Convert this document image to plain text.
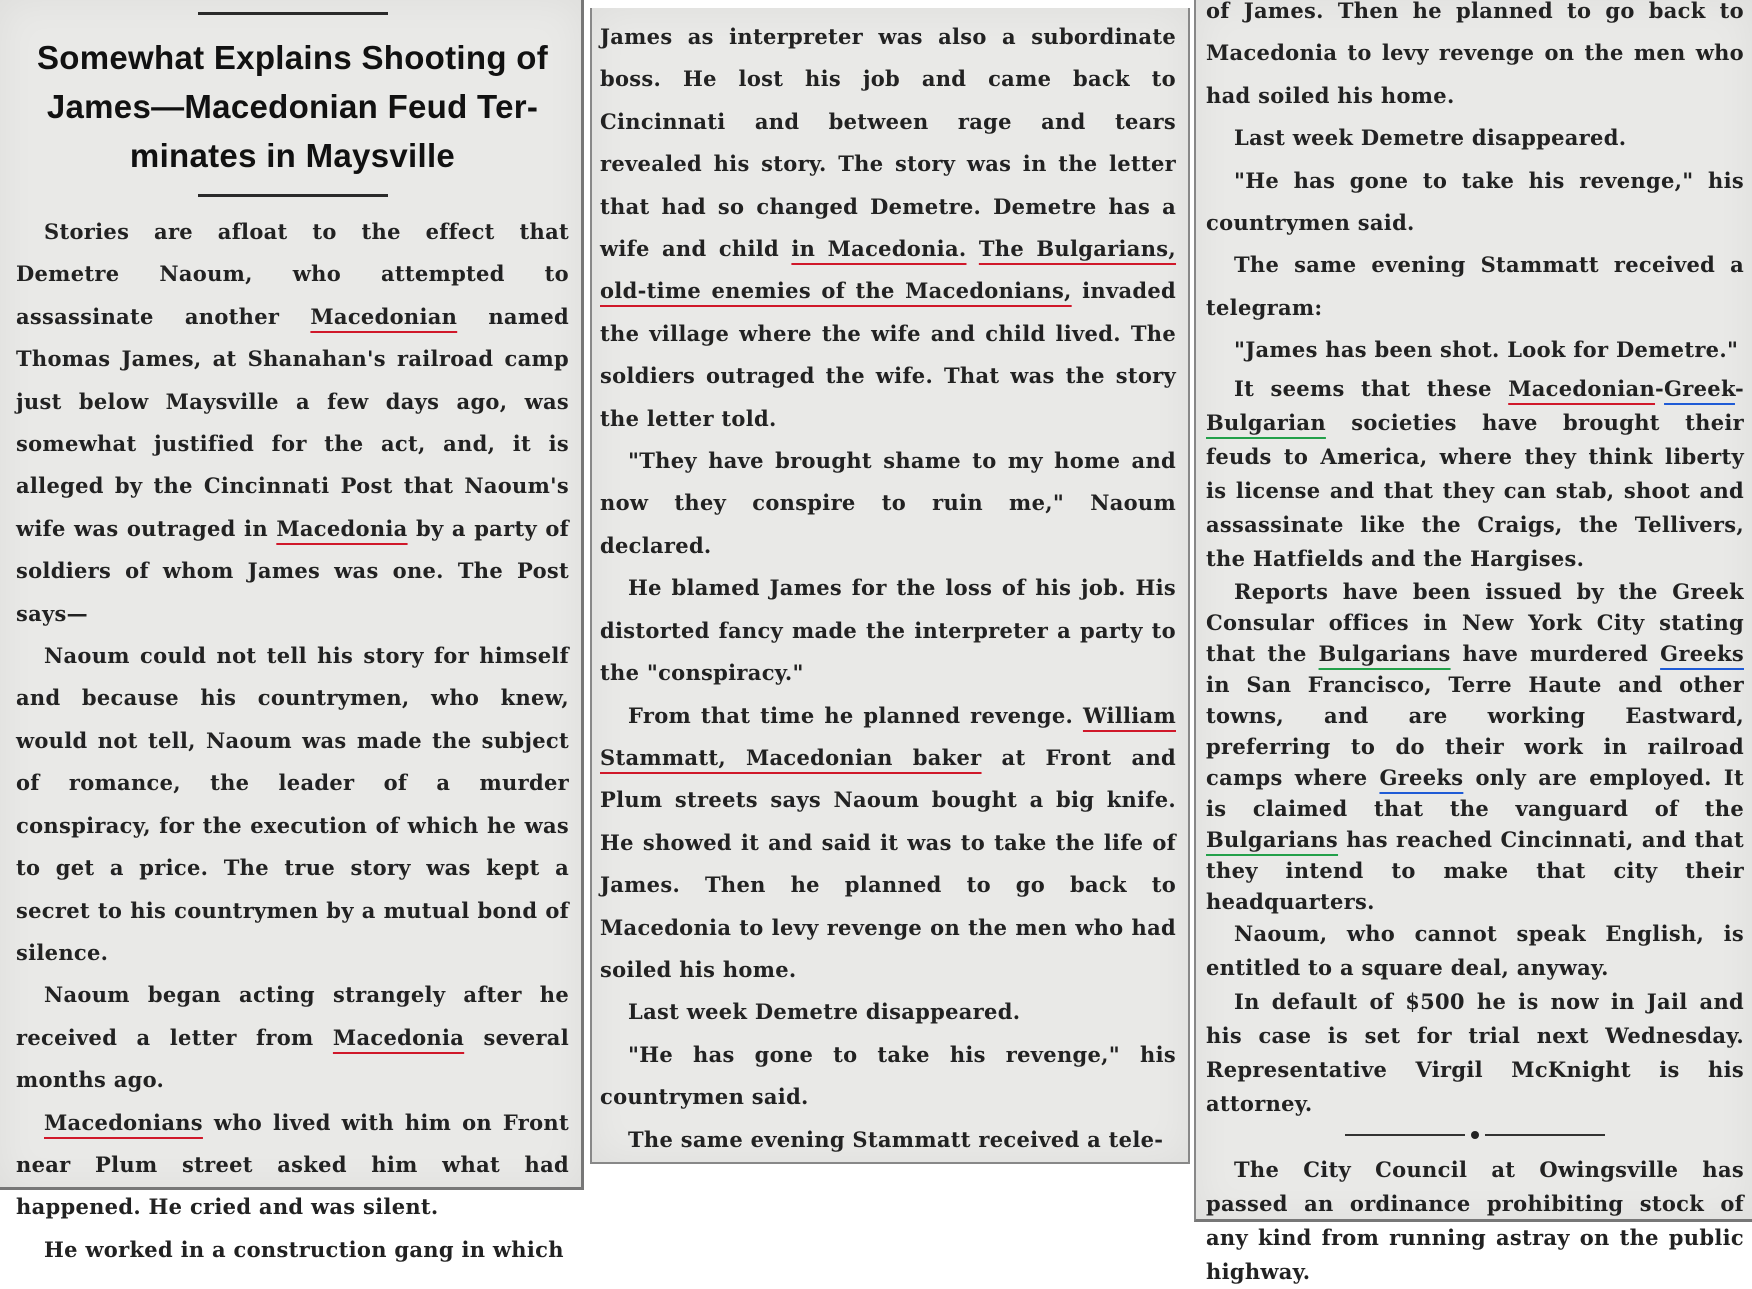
Somewhat Explains Shooting of
James—Macedonian Feud Ter-
minates in Maysville

Stories are afloat to the effect that Demetre Naoum, who attempted to assassinate another Macedonian named Thomas James, at Shanahan's railroad camp just below Maysville a few days ago, was somewhat justified for the act, and, it is alleged by the Cincinnati Post that Naoum's wife was outraged in Macedonia by a party of soldiers of whom James was one. The Post says—

Naoum could not tell his story for himself and because his countrymen, who knew, would not tell, Naoum was made the subject of romance, the leader of a murder conspiracy, for the execution of which he was to get a price. The true story was kept a secret to his countrymen by a mutual bond of silence.

Naoum began acting strangely after he received a letter from Macedonia several months ago.

Macedonians who lived with him on Front near Plum street asked him what had happened. He cried and was silent.

He worked in a construction gang in which

James as interpreter was also a subordinate boss. He lost his job and came back to Cincinnati and between rage and tears revealed his story. The story was in the letter that had so changed Demetre. Demetre has a wife and child in Macedonia. The Bulgarians, old-time enemies of the Macedonians, invaded the village where the wife and child lived. The soldiers outraged the wife. That was the story the letter told.

"They have brought shame to my home and now they conspire to ruin me," Naoum declared.

He blamed James for the loss of his job. His distorted fancy made the interpreter a party to the "conspiracy."

From that time he planned revenge. William Stammatt, Macedonian baker at Front and Plum streets says Naoum bought a big knife. He showed it and said it was to take the life of James. Then he planned to go back to Macedonia to levy revenge on the men who had soiled his home.

Last week Demetre disappeared.

"He has gone to take his revenge," his countrymen said.

The same evening Stammatt received a tele-

of James. Then he planned to go back to Macedonia to levy revenge on the men who had soiled his home.

Last week Demetre disappeared.

"He has gone to take his revenge," his countrymen said.

The same evening Stammatt received a telegram:

"James has been shot. Look for Demetre."

It seems that these Macedonian-Greek-Bulgarian societies have brought their feuds to America, where they think liberty is license and that they can stab, shoot and assassinate like the Craigs, the Tellivers, the Hatfields and the Hargises.

Reports have been issued by the Greek Consular offices in New York City stating that the Bulgarians have murdered Greeks in San Francisco, Terre Haute and other towns, and are working Eastward, preferring to do their work in railroad camps where Greeks only are employed. It is claimed that the vanguard of the Bulgarians has reached Cincinnati, and that they intend to make that city their headquarters.

Naoum, who cannot speak English, is entitled to a square deal, anyway.

In default of $500 he is now in Jail and his case is set for trial next Wednesday. Representative Virgil McKnight is his attorney.

The City Council at Owingsville has passed an ordinance prohibiting stock of any kind from running astray on the public highway.
